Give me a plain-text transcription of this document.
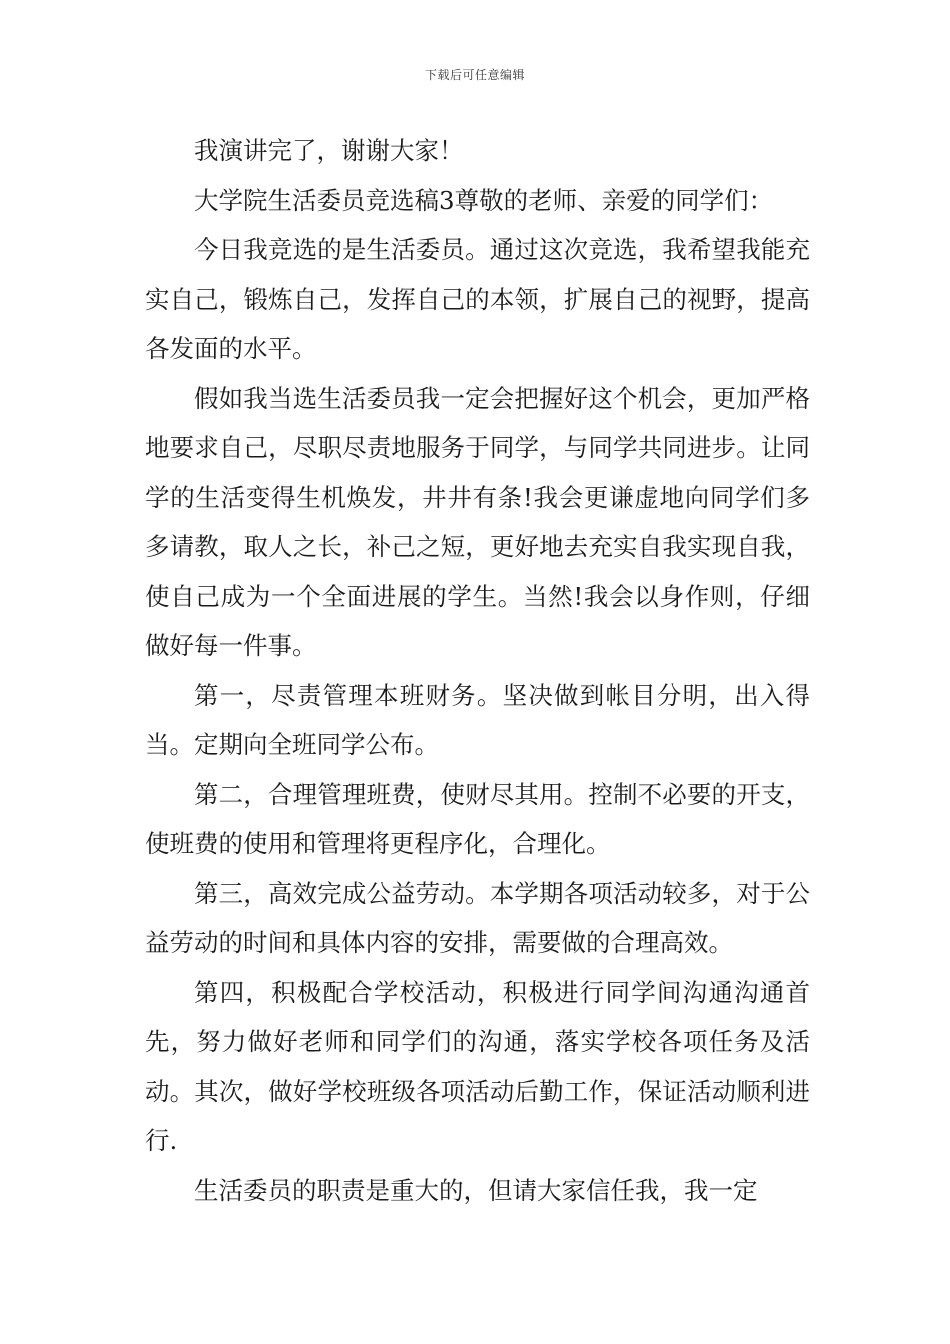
下载后可任意编辑

我演讲完了，谢谢大家！

大学院生活委员竞选稿3尊敬的老师、亲爱的同学们：

今日我竞选的是生活委员。通过这次竞选，我希望我能充实自己，锻炼自己，发挥自己的本领，扩展自己的视野，提高各发面的水平。

假如我当选生活委员我一定会把握好这个机会，更加严格地要求自己，尽职尽责地服务于同学，与同学共同进步。让同学的生活变得生机焕发，井井有条!我会更谦虚地向同学们多多请教，取人之长，补己之短，更好地去充实自我实现自我，使自己成为一个全面进展的学生。当然!我会以身作则，仔细做好每一件事。

第一，尽责管理本班财务。坚决做到帐目分明，出入得当。定期向全班同学公布。

第二，合理管理班费，使财尽其用。控制不必要的开支，使班费的使用和管理将更程序化，合理化。

第三，高效完成公益劳动。本学期各项活动较多，对于公益劳动的时间和具体内容的安排，需要做的合理高效。

第四，积极配合学校活动，积极进行同学间沟通沟通首先，努力做好老师和同学们的沟通，落实学校各项任务及活动。其次，做好学校班级各项活动后勤工作，保证活动顺利进行.

生活委员的职责是重大的，但请大家信任我，我一定
